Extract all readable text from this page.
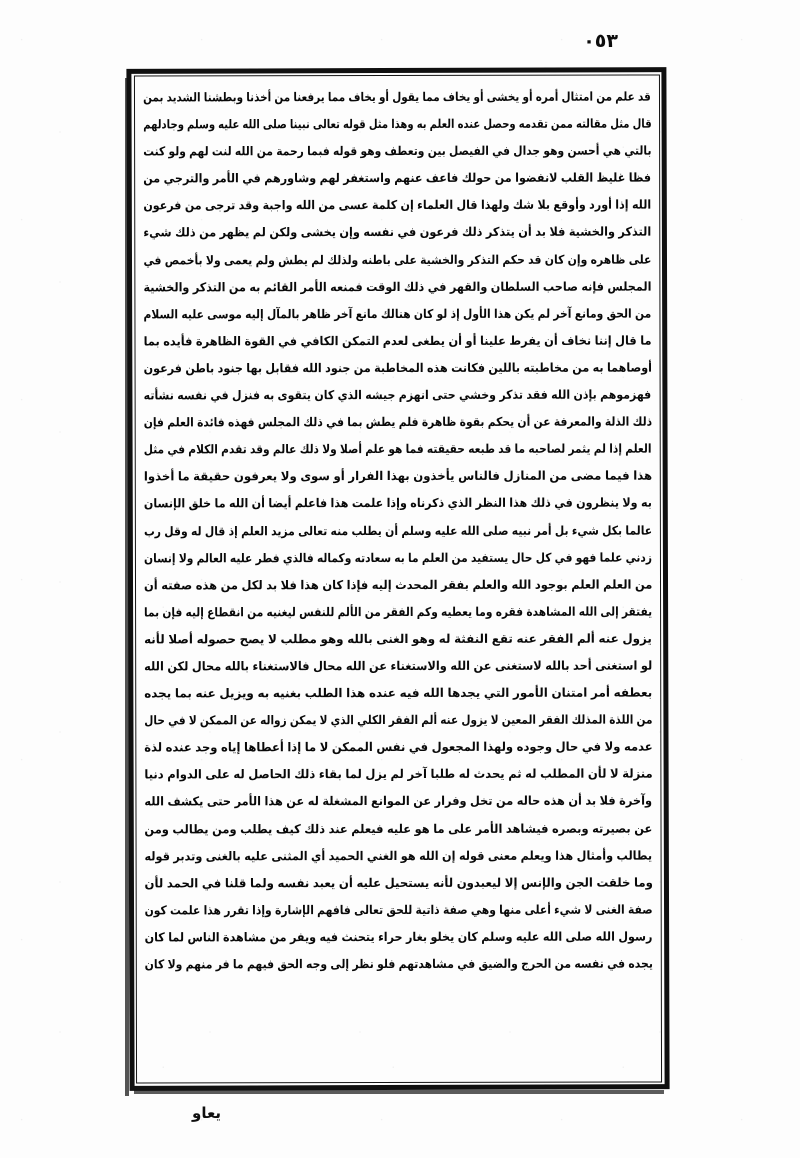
٣٥٠
قد علم من امتثال أمره أو يخشى أو يخاف مما يقول أو يخاف مما يرفعنا من أخذنا وبطشنا الشديد بمن
قال مثل مقالته ممن تقدمه وحصل عنده العلم به وهذا مثل قوله تعالى نبينا صلى الله عليه وسلم وجادلهم
بالتي هي أحسن وهو جدال في الفيصل بين وتعطف وهو قوله فبما رحمة من الله لنت لهم ولو كنت
فظا غليظ القلب لانفضوا من حولك فاعف عنهم واستغفر لهم وشاورهم في الأمر والترجي من
الله إذا أورد وأوقع بلا شك ولهذا قال العلماء إن كلمة عسى من الله واجبة وقد ترجى من فرعون
التذكر والخشية فلا بد أن يتذكر ذلك فرعون في نفسه وإن يخشى ولكن لم يظهر من ذلك شيء
على ظاهره وإن كان قد حكم التذكر والخشية على باطنه ولذلك لم يطش ولم يعمى ولا بأخمص في
المجلس فإنه صاحب السلطان والقهر في ذلك الوقت فمنعه الأمر القائم به من التذكر والخشية
من الحق ومانع آخر لم يكن هذا الأول إذ لو كان هنالك مانع آخر ظاهر بالمآل إليه موسى عليه السلام
ما قال إننا نخاف أن يفرط علينا أو أن يطغى لعدم التمكن الكافي في القوة الظاهرة فأيده بما
أوصاهما به من مخاطبته باللين فكانت هذه المخاطبة من جنود الله فقابل بها جنود باطن فرعون
فهزموهم بإذن الله فقد تذكر وخشي حتى انهزم جيشه الذي كان يتقوى به فنزل في نفسه نشأته
ذلك الذلة والمعرفة عن أن يحكم بقوة ظاهرة فلم يطش بما في ذلك المجلس فهذه فائدة العلم فإن
العلم إذا لم يثمر لصاحبه ما قد طبعه حقيقته فما هو علم أصلا ولا ذلك عالم وقد تقدم الكلام في مثل
هذا فيما مضى من المنازل فالناس يأخذون بهذا الفرار أو سوى ولا يعرفون حقيقة ما أخذوا
به ولا ينظرون في ذلك هذا النظر الذي ذكرناه وإذا علمت هذا فاعلم أيضا أن الله ما خلق الإنسان
عالما بكل شيء بل أمر نبيه صلى الله عليه وسلم أن يطلب منه تعالى مزيد العلم إذ قال له وقل رب
زدني علما فهو في كل حال يستفيد من العلم ما به سعادته وكماله فالذي فطر عليه العالم ولا إنسان
من العلم العلم بوجود الله والعلم بفقر المحدث إليه فإذا كان هذا فلا بد لكل من هذه صفته أن
يفتقر إلى الله المشاهدة فقره وما يعطيه وكم الفقر من الألم للنفس ليغنيه من انقطاع إليه فإن بما
يزول عنه ألم الفقر عنه تقع النفثة له وهو الغنى بالله وهو مطلب لا يصح حصوله أصلا لأنه
لو استغنى أحد بالله لاستغنى عن الله والاستغناء عن الله محال فالاستغناء بالله محال لكن الله
بعطفه أمر امتنان الأمور التي يجدها الله فيه عنده هذا الطلب بغنيه به ويزيل عنه بما يجده
من اللذة المذلك الفقر المعين لا يزول عنه ألم الفقر الكلي الذي لا يمكن زواله عن الممكن لا في حال
عدمه ولا في حال وجوده ولهذا المجعول في نفس الممكن لا ما إذا أعطاها إياه وجد عنده لذة
منزلة لا لأن المطلب له ثم يحدث له طلبا آخر لم يزل لما بقاء ذلك الحاصل له على الدوام دنيا
وآخرة فلا بد أن هذه حاله من تخل وفرار عن الموانع المشغلة له عن هذا الأمر حتى يكشف الله
عن بصيرته وبصره فيشاهد الأمر على ما هو عليه فيعلم عند ذلك كيف يطلب ومن يطالب ومن
يطالب وأمثال هذا ويعلم معنى قوله إن الله هو الغني الحميد أي المثنى عليه بالغنى وتدبر قوله
وما خلقت الجن والإنس إلا ليعبدون لأنه يستحيل عليه أن يعبد نفسه ولما قلنا في الحمد لأن
صفة الغنى لا شيء أعلى منها وهي صفة ذاتية للحق تعالى فافهم الإشارة وإذا تقرر هذا علمت كون
رسول الله صلى الله عليه وسلم كان يخلو بغار حراء يتحنث فيه ويفر من مشاهدة الناس لما كان
يجده في نفسه من الحرج والضيق في مشاهدتهم فلو نظر إلى وجه الحق فيهم ما فر منهم ولا كان
يعاو
